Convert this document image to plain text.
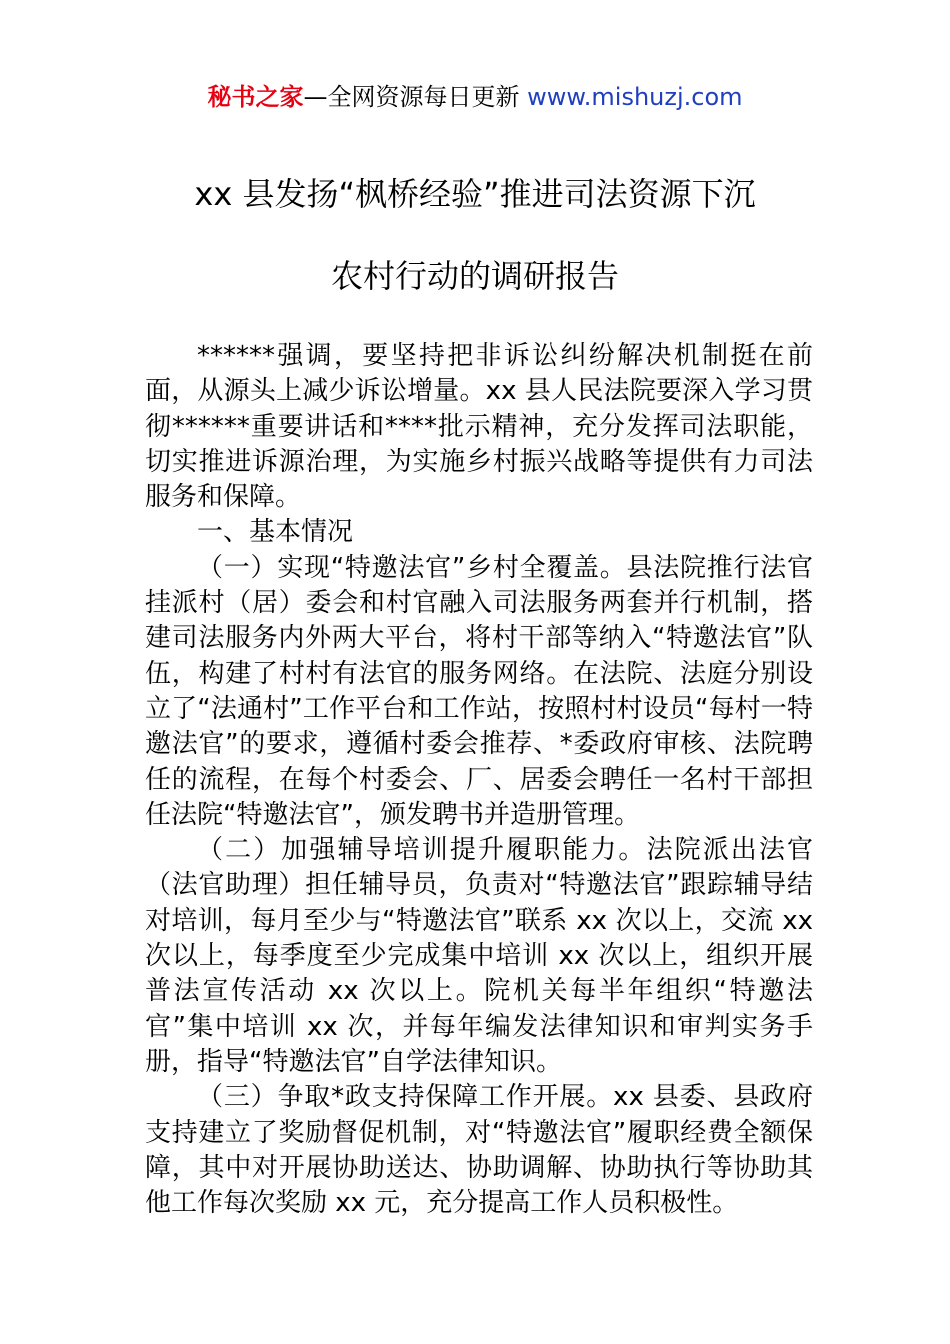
秘书之家—全网资源每日更新 www.mishuzj.com
xx 县发扬“枫桥经验”推进司法资源下沉
农村行动的调研报告

******强调，要坚持把非诉讼纠纷解决机制挺在前面，从源头上减少诉讼增量。xx 县人民法院要深入学习贯彻******重要讲话和****批示精神，充分发挥司法职能，切实推进诉源治理，为实施乡村振兴战略等提供有力司法服务和保障。

一、基本情况

（一）实现“特邀法官”乡村全覆盖。县法院推行法官挂派村（居）委会和村官融入司法服务两套并行机制，搭建司法服务内外两大平台，将村干部等纳入“特邀法官”队伍，构建了村村有法官的服务网络。在法院、法庭分别设立了“法通村”工作平台和工作站，按照村村设员“每村一特邀法官”的要求，遵循村委会推荐、*委政府审核、法院聘任的流程，在每个村委会、厂、居委会聘任一名村干部担任法院“特邀法官”，颁发聘书并造册管理。

（二）加强辅导培训提升履职能力。法院派出法官（法官助理）担任辅导员，负责对“特邀法官”跟踪辅导结对培训，每月至少与“特邀法官”联系 xx 次以上，交流 xx 次以上，每季度至少完成集中培训 xx 次以上，组织开展普法宣传活动 xx 次以上。院机关每半年组织“特邀法官”集中培训 xx 次，并每年编发法律知识和审判实务手册，指导“特邀法官”自学法律知识。

（三）争取*政支持保障工作开展。xx 县委、县政府支持建立了奖励督促机制，对“特邀法官”履职经费全额保障，其中对开展协助送达、协助调解、协助执行等协助其他工作每次奖励 xx 元，充分提高工作人员积极性。
